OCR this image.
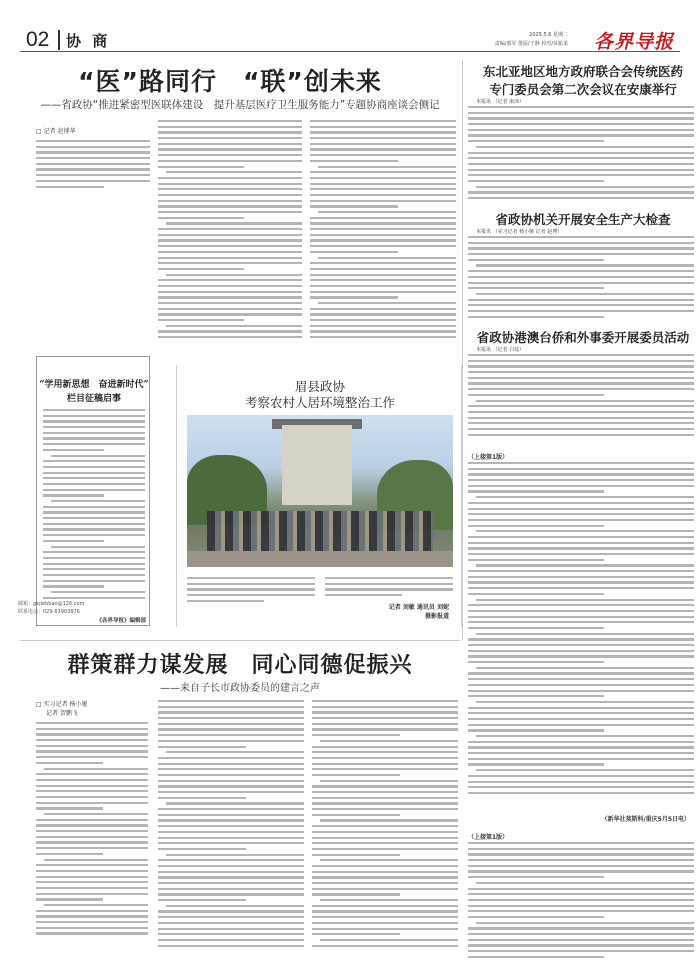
02 协 商	2025.5.6 星期二
责编/郭军 排版/王静 校对/苗振柔 各界导报
“医”路同行　“联”创未来
——省政协“推进紧密型医联体建设　提升基层医疗卫生服务能力”专题协商座谈会侧记
□ 记者 赵博华
“学用新思想　奋进新时代”
栏目征稿启事
邮箱：gejiebbao@126.com
联系电话：029-63903876
《各界导报》编辑部
眉县政协
考察农村人居环境整治工作
记者 刘敏 通讯员 刘妮
摄影报道
东北亚地区地方政府联合会传统医药
专门委员会第二次会议在安康举行
本报讯 （记者 康沛）
省政协机关开展安全生产大检查
本报讯 （实习记者 杨小娅 记者 赵博）
省政协港澳台侨和外事委开展委员活动
本报讯 （记者 白瑶）
（上接第1版）
（新华社莫斯科/重庆5月5日电）
（上接第1版）
群策群力谋发展　同心同德促振兴
——来自子长市政协委员的建言之声
□ 实习记者 杨小娅
记者 贺鹏飞
